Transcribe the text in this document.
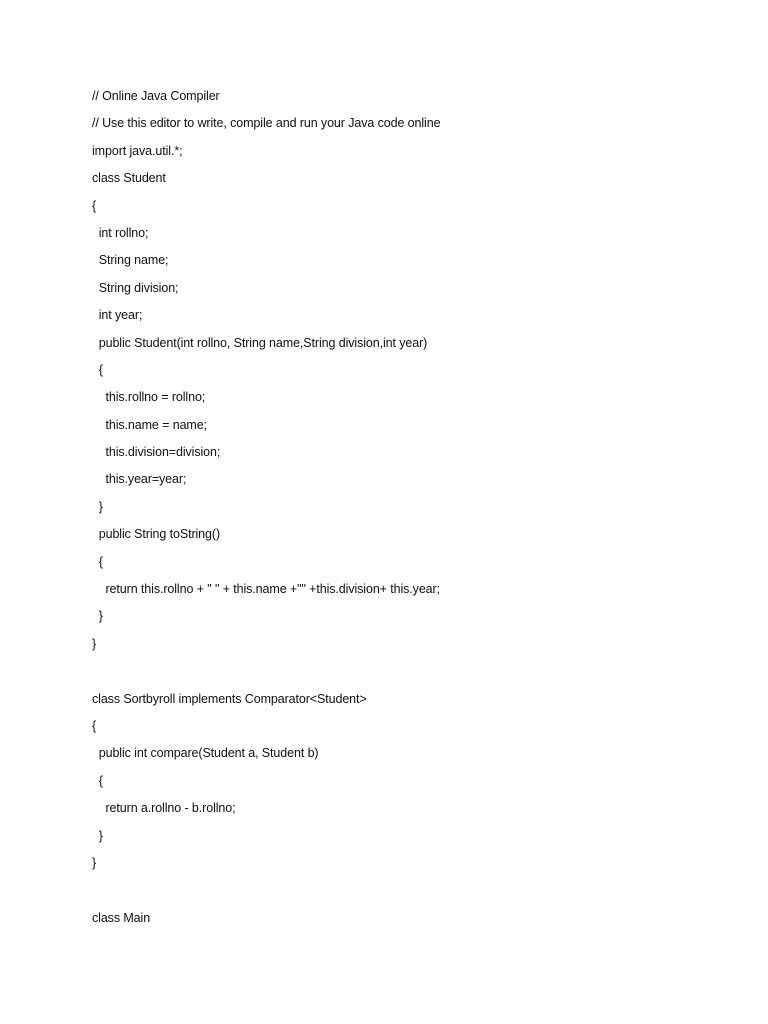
// Online Java Compiler
// Use this editor to write, compile and run your Java code online
import java.util.*;
class Student
{
int rollno;
String name;
String division;
int year;
public Student(int rollno, String name,String division,int year)
{
this.rollno = rollno;
this.name = name;
this.division=division;
this.year=year;
}
public String toString()
{
return this.rollno + " " + this.name +"" +this.division+ this.year;
}
}
class Sortbyroll implements Comparator<Student>
{
public int compare(Student a, Student b)
{
return a.rollno - b.rollno;
}
}
class Main
